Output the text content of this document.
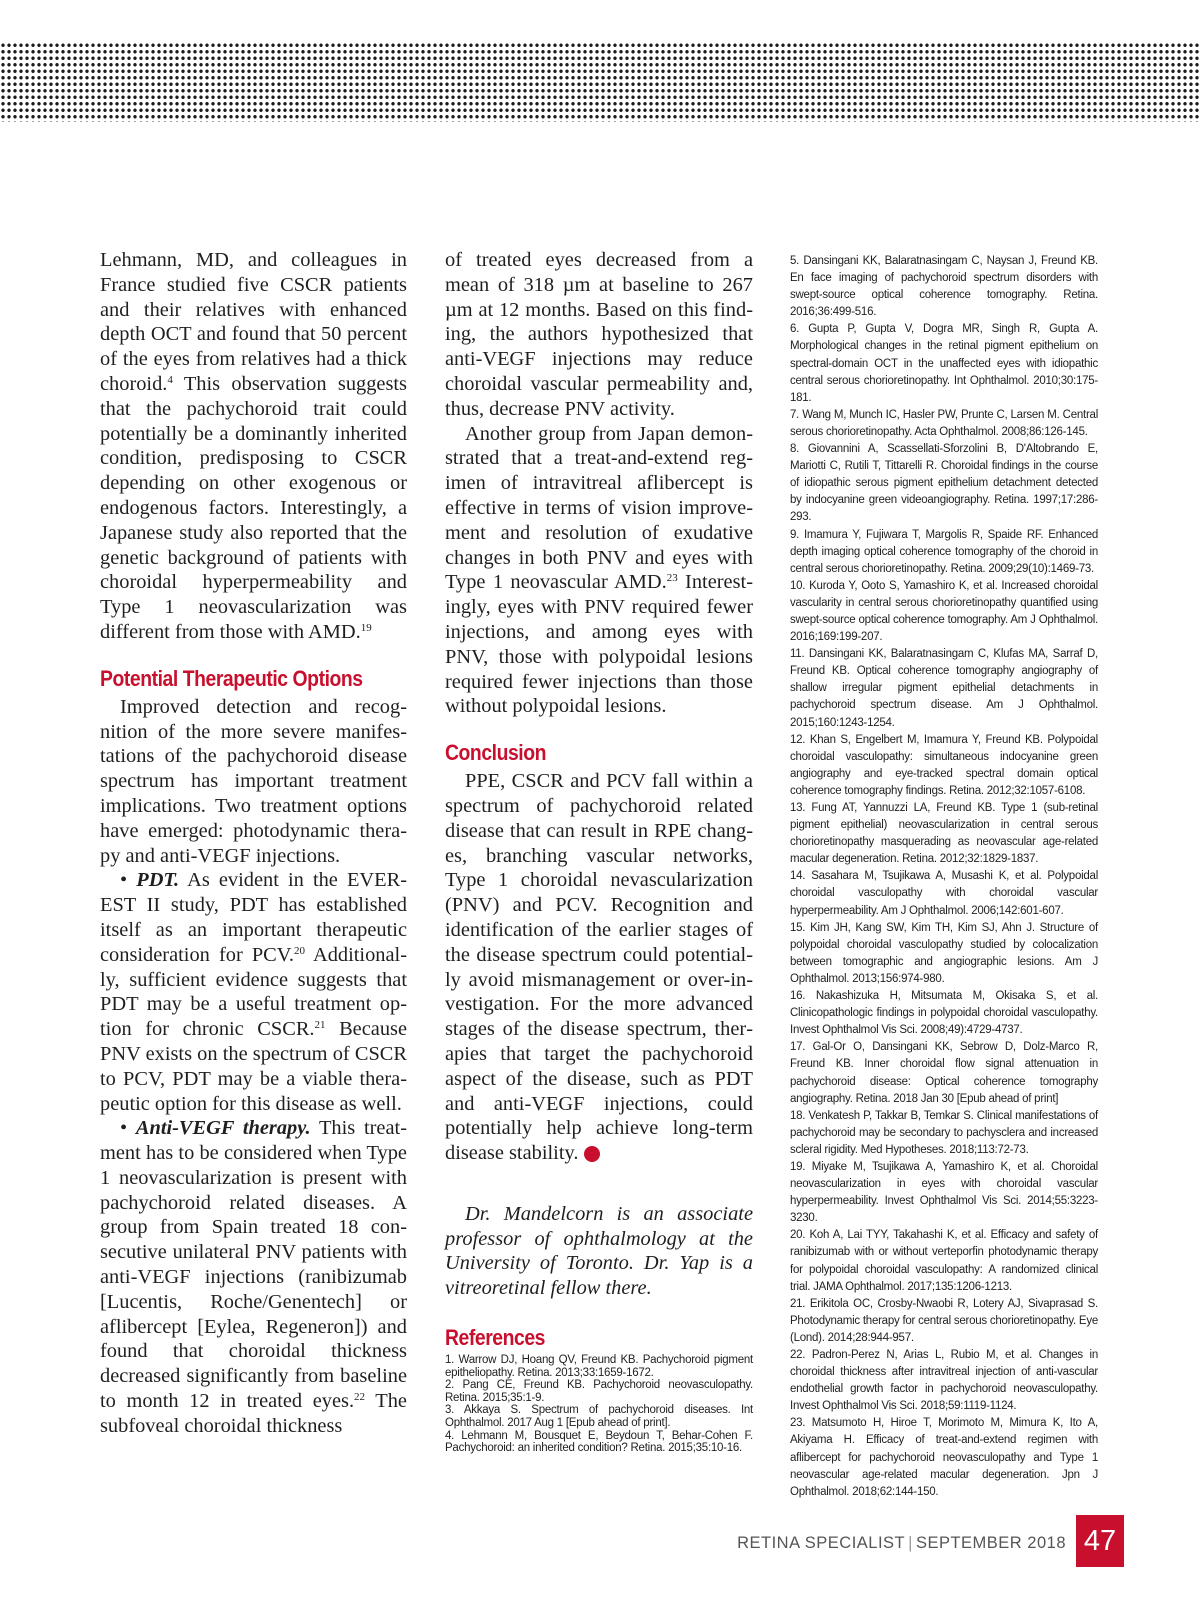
Lehmann, MD, and colleagues in France studied five CSCR patients and their relatives with enhanced depth OCT and found that 50 percent of the eyes from relatives had a thick choroid.$^4$ This observation suggests that the pachychoroid trait could potentially be a dominantly inherited condition, predisposing to CSCR depending on other exogenous or endogenous factors. Interestingly, a Japanese study also reported that the genetic background of patients with choroidal hyperpermeability and Type 1 neovascularization was different from those with AMD.$^{19}$

Potential Therapeutic Options

Improved detection and recognition of the more severe manifestations of the pachychoroid disease spectrum has important treatment implications. Two treatment options have emerged: photodynamic therapy and anti-VEGF injections.

• PDT. As evident in the EVEREST II study, PDT has established itself as an important therapeutic consideration for PCV.$^{20}$ Additionally, sufficient evidence suggests that PDT may be a useful treatment option for chronic CSCR.$^{21}$ Because PNV exists on the spectrum of CSCR to PCV, PDT may be a viable therapeutic option for this disease as well.

• Anti-VEGF therapy. This treatment has to be considered when Type 1 neovascularization is present with pachychoroid related diseases. A group from Spain treated 18 consecutive unilateral PNV patients with anti-VEGF injections (ranibizumab [Lucentis, Roche/Genentech] or aflibercept [Eylea, Regeneron]) and found that choroidal thickness decreased significantly from baseline to month 12 in treated eyes.$^{22}$ The subfoveal choroidal thickness

of treated eyes decreased from a mean of 318 µm at baseline to 267 µm at 12 months. Based on this finding, the authors hypothesized that anti-VEGF injections may reduce choroidal vascular permeability and, thus, decrease PNV activity.

Another group from Japan demonstrated that a treat-and-extend regimen of intravitreal aflibercept is effective in terms of vision improvement and resolution of exudative changes in both PNV and eyes with Type 1 neovascular AMD.$^{23}$ Interestingly, eyes with PNV required fewer injections, and among eyes with PNV, those with polypoidal lesions required fewer injections than those without polypoidal lesions.

Conclusion

PPE, CSCR and PCV fall within a spectrum of pachychoroid related disease that can result in RPE changes, branching vascular networks, Type 1 choroidal nevascularization (PNV) and PCV. Recognition and identification of the earlier stages of the disease spectrum could potentially avoid mismanagement or over-investigation. For the more advanced stages of the disease spectrum, therapies that target the pachychoroid aspect of the disease, such as PDT and anti-VEGF injections, could potentially help achieve long-term disease stability.	RS

Dr. Mandelcorn is an associate professor of ophthalmology at the University of Toronto. Dr. Yap is a vitreoretinal fellow there.

References

1. Warrow DJ, Hoang QV, Freund KB. Pachychoroid pigment epitheliopathy. Retina. 2013;33:1659-1672.

2. Pang CE, Freund KB. Pachychoroid neovasculopathy. Retina. 2015;35:1-9.

3. Akkaya S. Spectrum of pachychoroid diseases. Int Ophthalmol. 2017 Aug 1 [Epub ahead of print].

4. Lehmann M, Bousquet E, Beydoun T, Behar-Cohen F. Pachychoroid: an inherited condition? Retina. 2015;35:10-16.

5. Dansingani KK, Balaratnasingam C, Naysan J, Freund KB. En face imaging of pachychoroid spectrum disorders with swept-source optical coherence tomography. Retina. 2016;36:499-516.

6. Gupta P, Gupta V, Dogra MR, Singh R, Gupta A. Morphological changes in the retinal pigment epithelium on spectral-domain OCT in the unaffected eyes with idiopathic central serous chorioretinopathy. Int Ophthalmol. 2010;30:175-181.

7. Wang M, Munch IC, Hasler PW, Prunte C, Larsen M. Central serous chorioretinopathy. Acta Ophthalmol. 2008;86:126-145.

8. Giovannini A, Scassellati-Sforzolini B, D'Altobrando E, Mariotti C, Rutili T, Tittarelli R. Choroidal findings in the course of idiopathic serous pigment epithelium detachment detected by indocyanine green videoangiography. Retina. 1997;17:286-293.

9. Imamura Y, Fujiwara T, Margolis R, Spaide RF. Enhanced depth imaging optical coherence tomography of the choroid in central serous chorioretinopathy. Retina. 2009;29(10):1469-73.

10. Kuroda Y, Ooto S, Yamashiro K, et al. Increased choroidal vascularity in central serous chorioretinopathy quantified using swept-source optical coherence tomography. Am J Ophthalmol. 2016;169:199-207.

11. Dansingani KK, Balaratnasingam C, Klufas MA, Sarraf D, Freund KB. Optical coherence tomography angiography of shallow irregular pigment epithelial detachments in pachychoroid spectrum disease. Am J Ophthalmol. 2015;160:1243-1254.

12. Khan S, Engelbert M, Imamura Y, Freund KB. Polypoidal choroidal vasculopathy: simultaneous indocyanine green angiography and eye-tracked spectral domain optical coherence tomography findings. Retina. 2012;32:1057-6108.

13. Fung AT, Yannuzzi LA, Freund KB. Type 1 (sub-retinal pigment epithelial) neovascularization in central serous chorioretinopathy masquerading as neovascular age-related macular degeneration. Retina. 2012;32:1829-1837.

14. Sasahara M, Tsujikawa A, Musashi K, et al. Polypoidal choroidal vasculopathy with choroidal vascular hyperpermeability. Am J Ophthalmol. 2006;142:601-607.

15. Kim JH, Kang SW, Kim TH, Kim SJ, Ahn J. Structure of polypoidal choroidal vasculopathy studied by colocalization between tomographic and angiographic lesions. Am J Ophthalmol. 2013;156:974-980.

16. Nakashizuka H, Mitsumata M, Okisaka S, et al. Clinicopathologic findings in polypoidal choroidal vasculopathy. Invest Ophthalmol Vis Sci. 2008;49):4729-4737.

17. Gal-Or O, Dansingani KK, Sebrow D, Dolz-Marco R, Freund KB. Inner choroidal flow signal attenuation in pachychoroid disease: Optical coherence tomography angiography. Retina. 2018 Jan 30 [Epub ahead of print]

18. Venkatesh P, Takkar B, Temkar S. Clinical manifestations of pachychoroid may be secondary to pachysclera and increased scleral rigidity. Med Hypotheses. 2018;113:72-73.

19. Miyake M, Tsujikawa A, Yamashiro K, et al. Choroidal neovascularization in eyes with choroidal vascular hyperpermeability. Invest Ophthalmol Vis Sci. 2014;55:3223-3230.

20. Koh A, Lai TYY, Takahashi K, et al. Efficacy and safety of ranibizumab with or without verteporfin photodynamic therapy for polypoidal choroidal vasculopathy: A randomized clinical trial. JAMA Ophthalmol. 2017;135:1206-1213.

21. Erikitola OC, Crosby-Nwaobi R, Lotery AJ, Sivaprasad S. Photodynamic therapy for central serous chorioretinopathy. Eye (Lond). 2014;28:944-957.

22. Padron-Perez N, Arias L, Rubio M, et al. Changes in choroidal thickness after intravitreal injection of anti-vascular endothelial growth factor in pachychoroid neovasculopathy. Invest Ophthalmol Vis Sci. 2018;59:1119-1124.

23. Matsumoto H, Hiroe T, Morimoto M, Mimura K, Ito A, Akiyama H. Efficacy of treat-and-extend regimen with aflibercept for pachychoroid neovasculopathy and Type 1 neovascular age-related macular degeneration. Jpn J Ophthalmol. 2018;62:144-150.

RETINA SPECIALIST | SEPTEMBER 2018 47
